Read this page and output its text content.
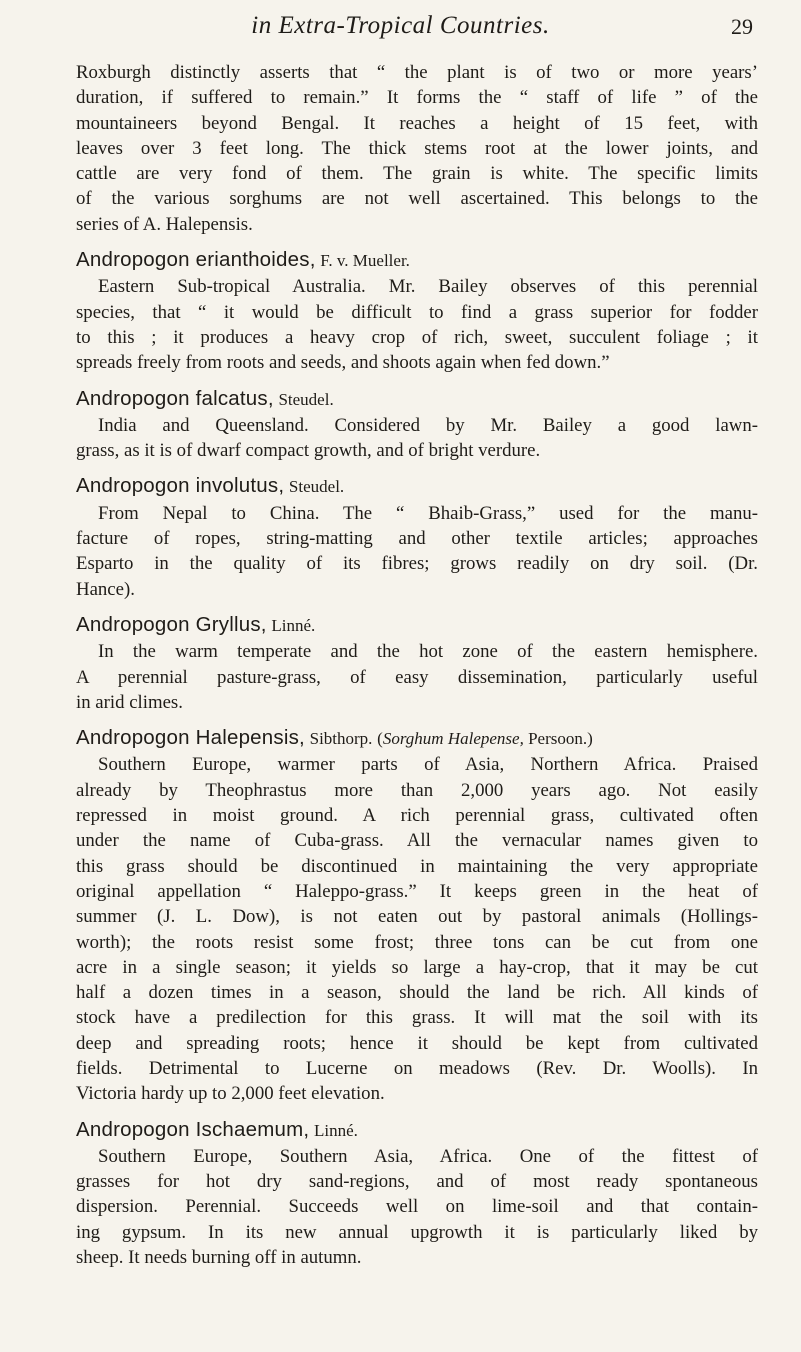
in Extra-Tropical Countries.	29
Roxburgh distinctly asserts that “ the plant is of two or more years’
duration, if suffered to remain.” It forms the “ staff of life ” of the
mountaineers beyond Bengal. It reaches a height of 15 feet, with
leaves over 3 feet long. The thick stems root at the lower joints, and
cattle are very fond of them. The grain is white. The specific limits
of the various sorghums are not well ascertained. This belongs to the
series of A. Halepensis.
Andropogon erianthoides, F. v. Mueller.
Eastern Sub-tropical Australia. Mr. Bailey observes of this perennial
species, that “ it would be difficult to find a grass superior for fodder
to this ; it produces a heavy crop of rich, sweet, succulent foliage ; it
spreads freely from roots and seeds, and shoots again when fed down.”
Andropogon falcatus, Steudel.
India and Queensland. Considered by Mr. Bailey a good lawn-
grass, as it is of dwarf compact growth, and of bright verdure.
Andropogon involutus, Steudel.
From Nepal to China. The “ Bhaib-Grass,” used for the manu-
facture of ropes, string-matting and other textile articles; approaches
Esparto in the quality of its fibres; grows readily on dry soil. (Dr.
Hance).
Andropogon Gryllus, Linné.
In the warm temperate and the hot zone of the eastern hemisphere.
A perennial pasture-grass, of easy dissemination, particularly useful
in arid climes.
Andropogon Halepensis, Sibthorp. (Sorghum Halepense, Persoon.)
Southern Europe, warmer parts of Asia, Northern Africa. Praised
already by Theophrastus more than 2,000 years ago. Not easily
repressed in moist ground. A rich perennial grass, cultivated often
under the name of Cuba-grass. All the vernacular names given to
this grass should be discontinued in maintaining the very appropriate
original appellation “ Haleppo-grass.” It keeps green in the heat of
summer (J. L. Dow), is not eaten out by pastoral animals (Hollings-
worth); the roots resist some frost; three tons can be cut from one
acre in a single season; it yields so large a hay-crop, that it may be cut
half a dozen times in a season, should the land be rich. All kinds of
stock have a predilection for this grass. It will mat the soil with its
deep and spreading roots; hence it should be kept from cultivated
fields. Detrimental to Lucerne on meadows (Rev. Dr. Woolls). In
Victoria hardy up to 2,000 feet elevation.
Andropogon Ischaemum, Linné.
Southern Europe, Southern Asia, Africa. One of the fittest of
grasses for hot dry sand-regions, and of most ready spontaneous
dispersion. Perennial. Succeeds well on lime-soil and that contain-
ing gypsum. In its new annual upgrowth it is particularly liked by
sheep. It needs burning off in autumn.
